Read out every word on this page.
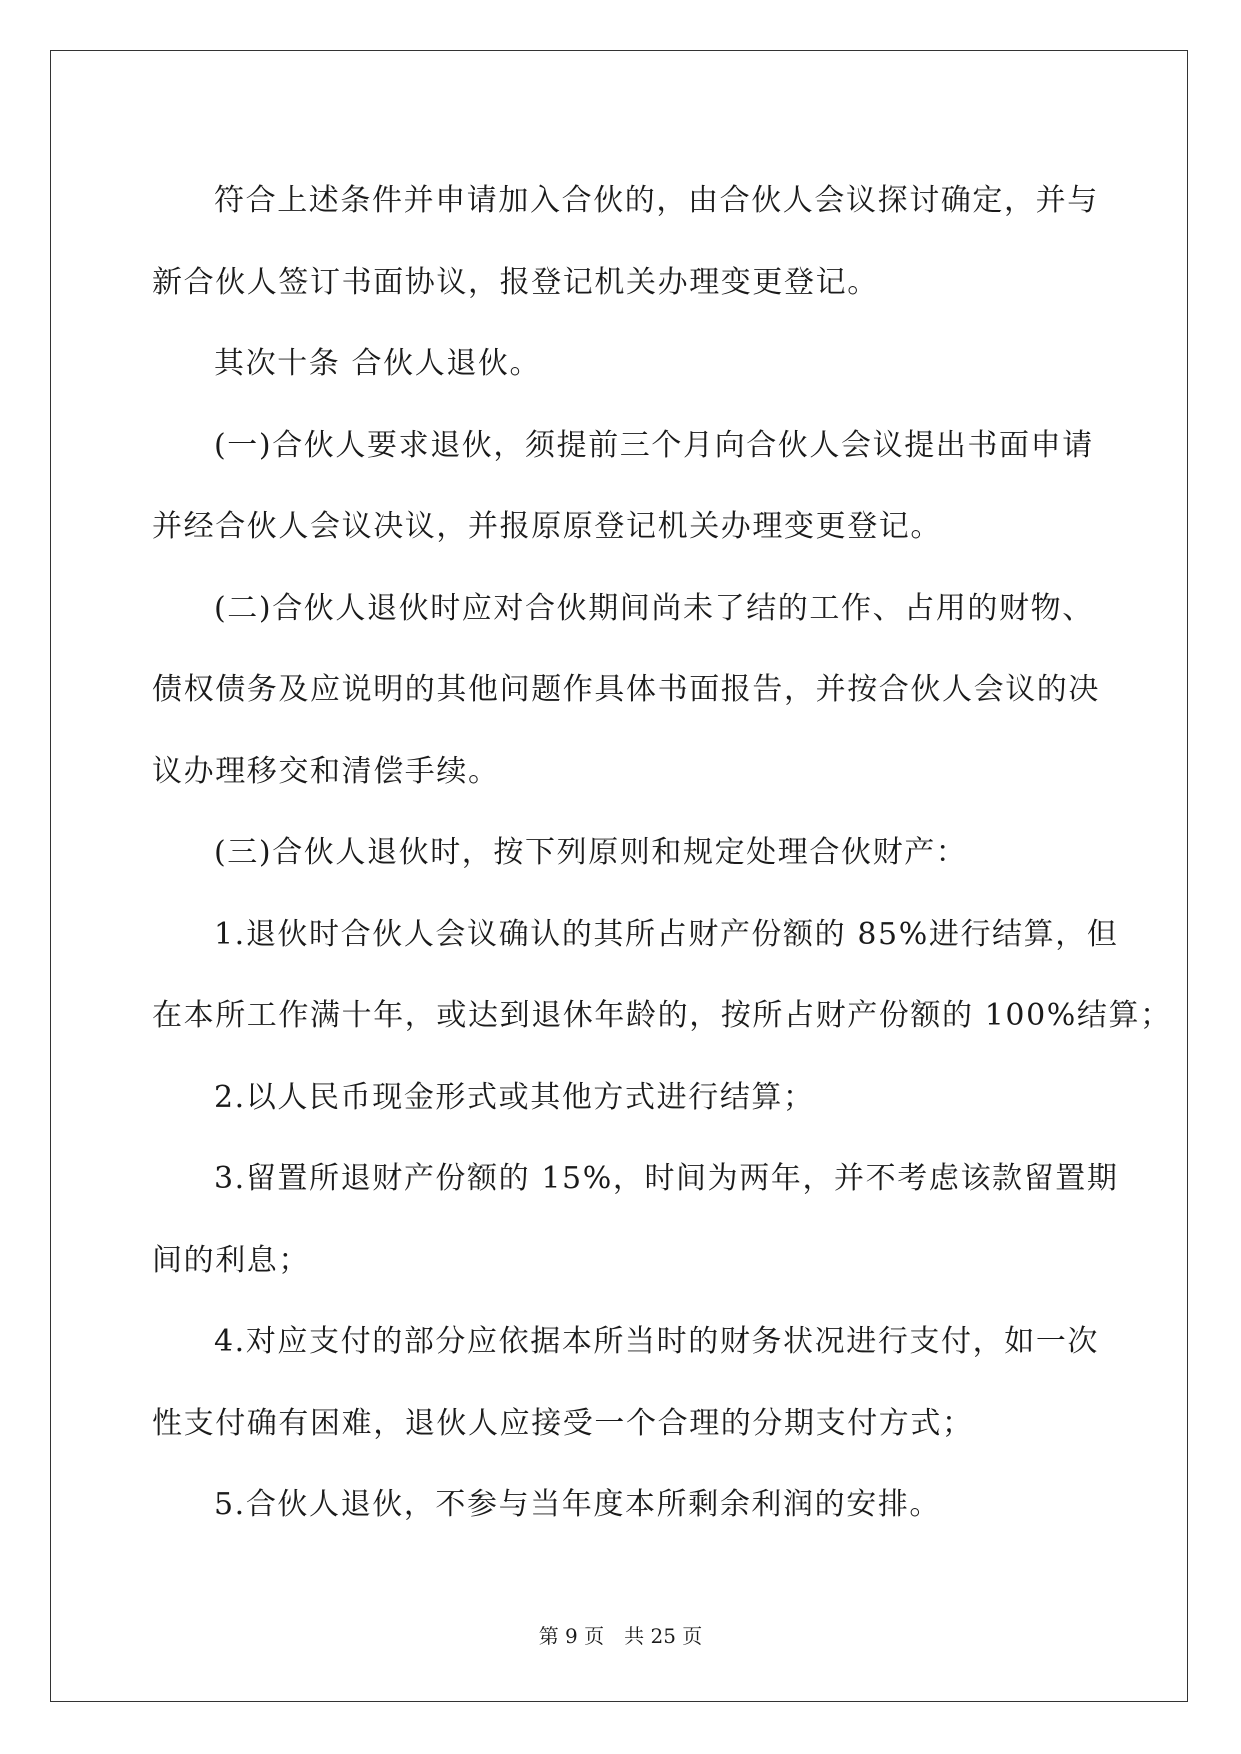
符合上述条件并申请加入合伙的，由合伙人会议探讨确定，并与

新合伙人签订书面协议，报登记机关办理变更登记。

其次十条 合伙人退伙。

(一)合伙人要求退伙，须提前三个月向合伙人会议提出书面申请

并经合伙人会议决议，并报原原登记机关办理变更登记。

(二)合伙人退伙时应对合伙期间尚未了结的工作、占用的财物、

债权债务及应说明的其他问题作具体书面报告，并按合伙人会议的决

议办理移交和清偿手续。

(三)合伙人退伙时，按下列原则和规定处理合伙财产：

1.退伙时合伙人会议确认的其所占财产份额的 85%进行结算，但

在本所工作满十年，或达到退休年龄的，按所占财产份额的 100%结算；

2.以人民币现金形式或其他方式进行结算；

3.留置所退财产份额的 15%，时间为两年，并不考虑该款留置期

间的利息；

4.对应支付的部分应依据本所当时的财务状况进行支付，如一次

性支付确有困难，退伙人应接受一个合理的分期支付方式；

5.合伙人退伙，不参与当年度本所剩余利润的安排。

第 9 页 共 25 页
